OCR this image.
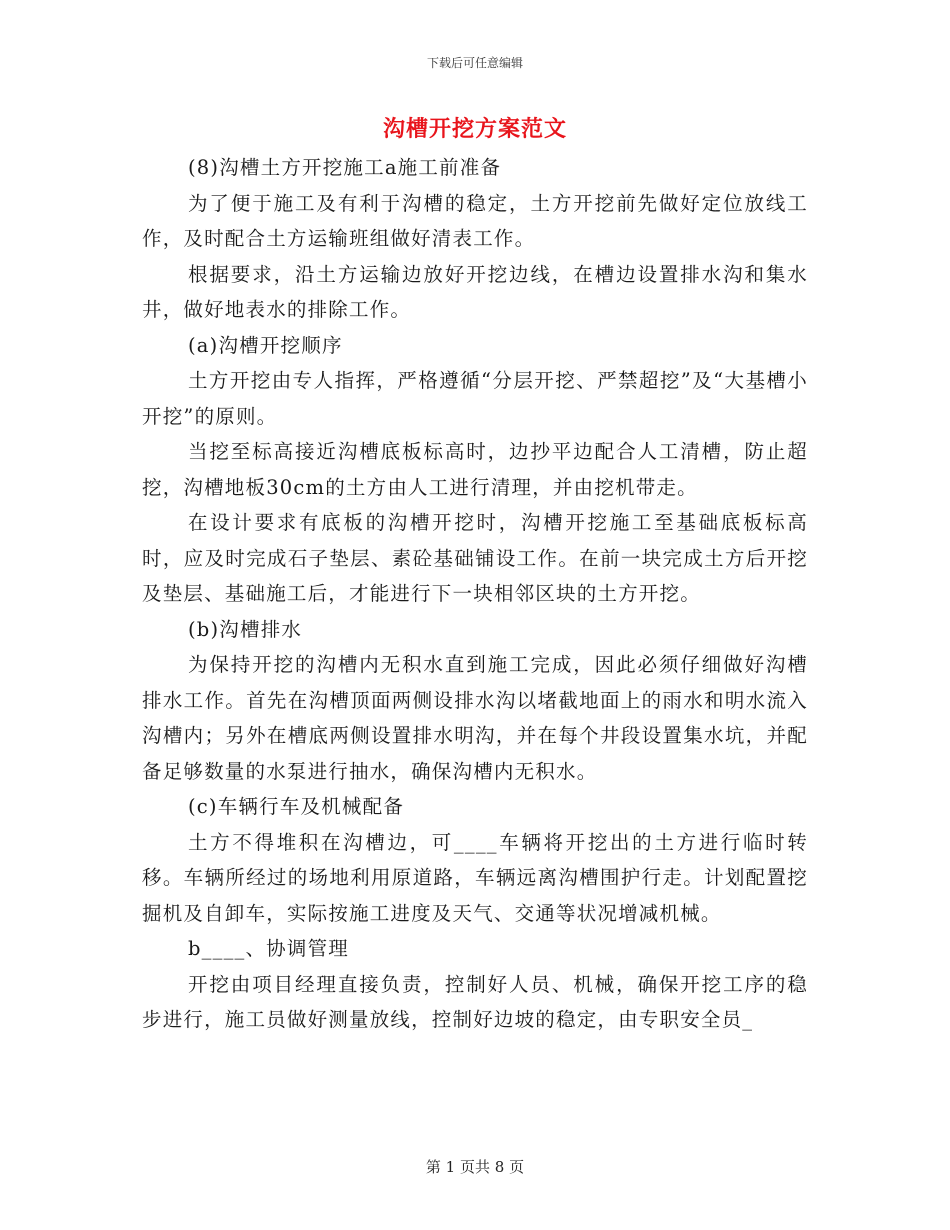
下载后可任意编辑
沟槽开挖方案范文

(8)沟槽土方开挖施工a施工前准备

为了便于施工及有利于沟槽的稳定，土方开挖前先做好定位放线工作，及时配合土方运输班组做好清表工作。

根据要求，沿土方运输边放好开挖边线，在槽边设置排水沟和集水井，做好地表水的排除工作。

(a)沟槽开挖顺序

土方开挖由专人指挥，严格遵循“分层开挖、严禁超挖”及“大基槽小开挖”的原则。

当挖至标高接近沟槽底板标高时，边抄平边配合人工清槽，防止超挖，沟槽地板30cm的土方由人工进行清理，并由挖机带走。

在设计要求有底板的沟槽开挖时，沟槽开挖施工至基础底板标高时，应及时完成石子垫层、素砼基础铺设工作。在前一块完成土方后开挖及垫层、基础施工后，才能进行下一块相邻区块的土方开挖。

(b)沟槽排水

为保持开挖的沟槽内无积水直到施工完成，因此必须仔细做好沟槽排水工作。首先在沟槽顶面两侧设排水沟以堵截地面上的雨水和明水流入沟槽内；另外在槽底两侧设置排水明沟，并在每个井段设置集水坑，并配备足够数量的水泵进行抽水，确保沟槽内无积水。

(c)车辆行车及机械配备

土方不得堆积在沟槽边，可____车辆将开挖出的土方进行临时转移。车辆所经过的场地利用原道路，车辆远离沟槽围护行走。计划配置挖掘机及自卸车，实际按施工进度及天气、交通等状况增减机械。

b____、协调管理

开挖由项目经理直接负责，控制好人员、机械，确保开挖工序的稳步进行，施工员做好测量放线，控制好边坡的稳定，由专职安全员_

第 1 页共 8 页
